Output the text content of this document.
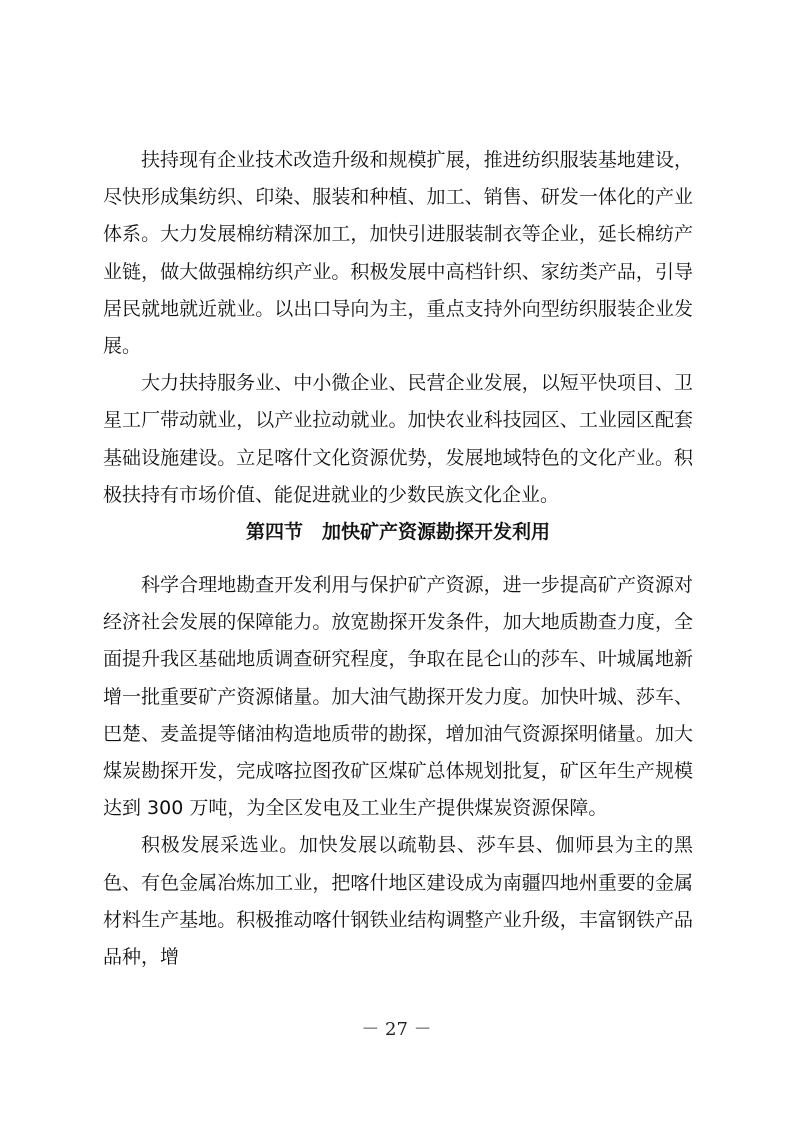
扶持现有企业技术改造升级和规模扩展，推进纺织服装基地建设，尽快形成集纺织、印染、服装和种植、加工、销售、研发一体化的产业体系。大力发展棉纺精深加工，加快引进服装制衣等企业，延长棉纺产业链，做大做强棉纺织产业。积极发展中高档针织、家纺类产品，引导居民就地就近就业。以出口导向为主，重点支持外向型纺织服装企业发展。

大力扶持服务业、中小微企业、民营企业发展，以短平快项目、卫星工厂带动就业，以产业拉动就业。加快农业科技园区、工业园区配套基础设施建设。立足喀什文化资源优势，发展地域特色的文化产业。积极扶持有市场价值、能促进就业的少数民族文化企业。

第四节　加快矿产资源勘探开发利用

科学合理地勘查开发利用与保护矿产资源，进一步提高矿产资源对经济社会发展的保障能力。放宽勘探开发条件，加大地质勘查力度，全面提升我区基础地质调查研究程度，争取在昆仑山的莎车、叶城属地新增一批重要矿产资源储量。加大油气勘探开发力度。加快叶城、莎车、巴楚、麦盖提等储油构造地质带的勘探，增加油气资源探明储量。加大煤炭勘探开发，完成喀拉图孜矿区煤矿总体规划批复，矿区年生产规模达到 300 万吨，为全区发电及工业生产提供煤炭资源保障。

积极发展采选业。加快发展以疏勒县、莎车县、伽师县为主的黑色、有色金属冶炼加工业，把喀什地区建设成为南疆四地州重要的金属材料生产基地。积极推动喀什钢铁业结构调整产业升级，丰富钢铁产品品种，增

－ 27 －
